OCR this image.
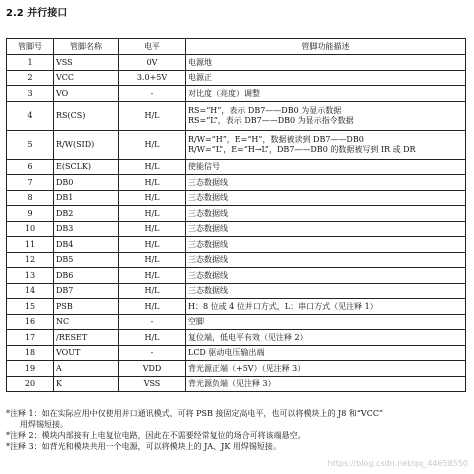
2.2 并行接口
管脚号	管脚名称	电平	管脚功能描述
1	VSS	0V	电源地

2	VCC	3.0+5V	电源正

3	VO	-	对比度（亮度）调整

4	RS(CS)	H/L	RS=“H”，表示 DB7——DB0 为显示数据
RS=“L”，表示 DB7——DB0 为显示指令数据

5	R/W(SID)	H/L	R/W=“H”，E=“H”，数据被读到 DB7——DB0
R/W=“L”，E=“H→L”，DB7——DB0 的数据被写到 IR 或 DR

6	E(SCLK)	H/L	使能信号

7	DB0	H/L	三态数据线

8	DB1	H/L	三态数据线

9	DB2	H/L	三态数据线

10	DB3	H/L	三态数据线

11	DB4	H/L	三态数据线

12	DB5	H/L	三态数据线

13	DB6	H/L	三态数据线

14	DB7	H/L	三态数据线

15	PSB	H/L	H：8 位或 4 位并口方式，L：串口方式（见注释 1）

16	NC	-	空脚

17	/RESET	H/L	复位端，低电平有效（见注释 2）

18	VOUT	-	LCD 驱动电压输出端

19	A	VDD	背光源正端（+5V）（见注释 3）

20	K	VSS	背光源负端（见注释 3）
*注释 1：如在实际应用中仅使用并口通讯模式，可将 PSB 接固定高电平，也可以将模块上的 J8 和“VCC”
用焊锡短接。
*注释 2：模块内部接有上电复位电路，因此在不需要经常复位的场合可将该端悬空。
*注释 3：如背光和模块共用一个电源，可以将模块上的 JA、JK 用焊锡短接。
https://blog.csdn.net/qq_44658550
